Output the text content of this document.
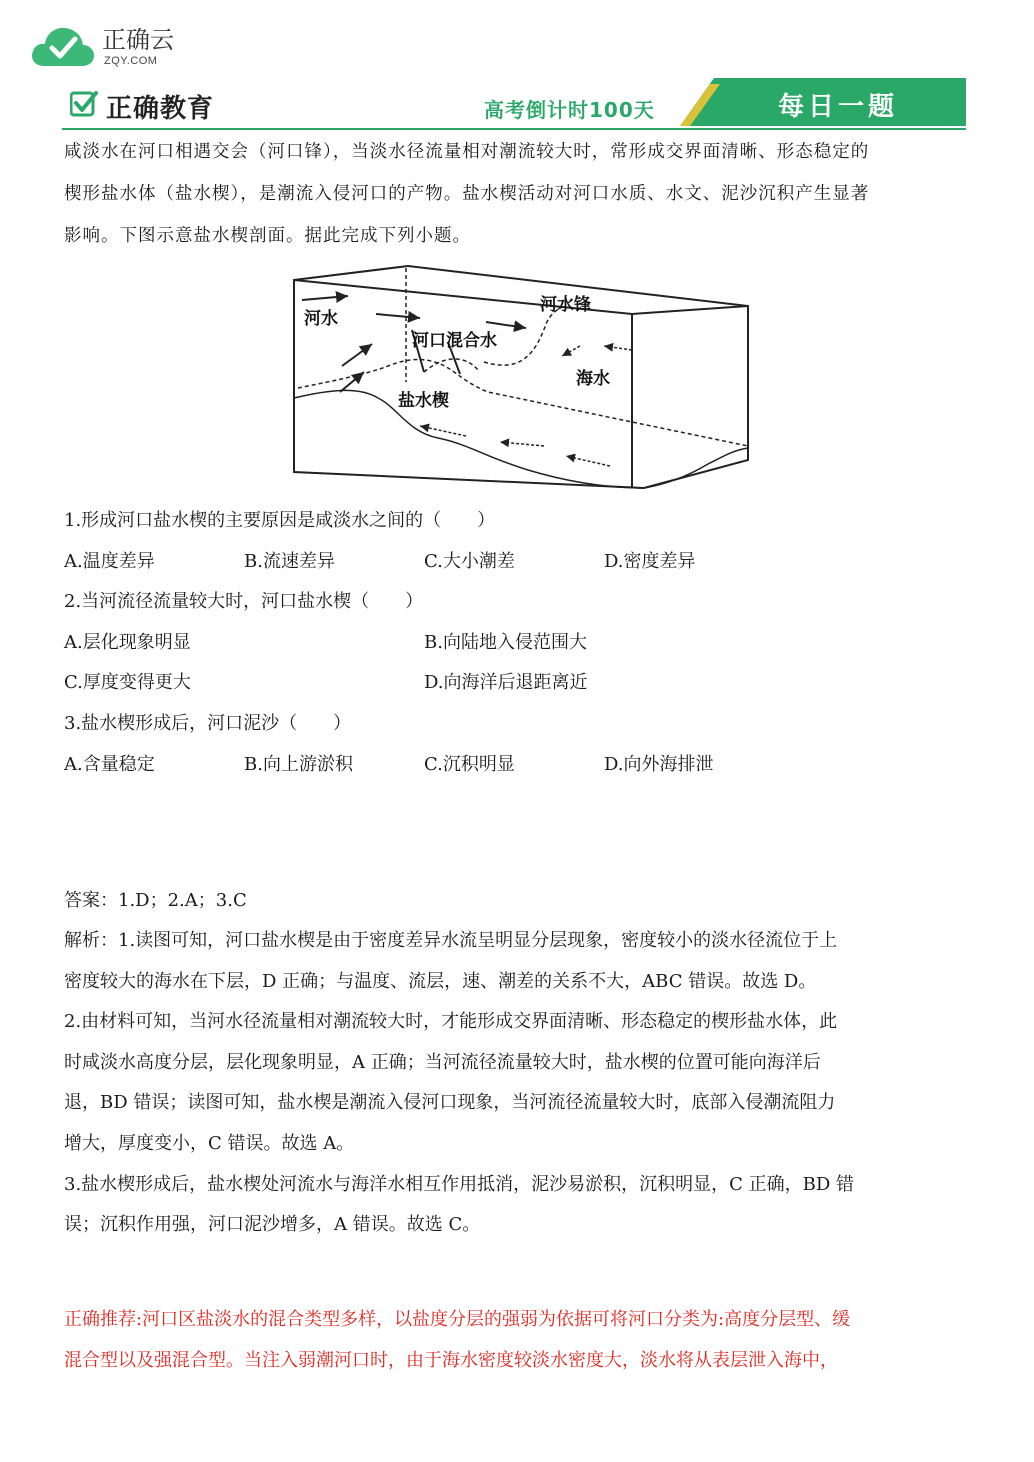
正确云
ZQY.COM
正确教育	高考倒计时100天	每日一题
咸淡水在河口相遇交会（河口锋），当淡水径流量相对潮流较大时，常形成交界面清晰、形态稳定的
楔形盐水体（盐水楔），是潮流入侵河口的产物。盐水楔活动对河口水质、水文、泥沙沉积产生显著
影响。下图示意盐水楔剖面。据此完成下列小题。
河水
河水锋
河口混合水
海水
盐水楔
1.形成河口盐水楔的主要原因是咸淡水之间的（　　）
A.温度差异	B.流速差异	C.大小潮差	D.密度差异
2.当河流径流量较大时，河口盐水楔（　　）
A.层化现象明显	B.向陆地入侵范围大
C.厚度变得更大	D.向海洋后退距离近
3.盐水楔形成后，河口泥沙（　　）
A.含量稳定	B.向上游淤积	C.沉积明显	D.向外海排泄
答案：1.D；2.A；3.C
解析：1.读图可知，河口盐水楔是由于密度差异水流呈明显分层现象，密度较小的淡水径流位于上
密度较大的海水在下层，D 正确；与温度、流层，速、潮差的关系不大，ABC 错误。故选 D。
2.由材料可知，当河水径流量相对潮流较大时，才能形成交界面清晰、形态稳定的楔形盐水体，此
时咸淡水高度分层，层化现象明显，A 正确；当河流径流量较大时，盐水楔的位置可能向海洋后
退，BD 错误；读图可知，盐水楔是潮流入侵河口现象，当河流径流量较大时，底部入侵潮流阻力
增大，厚度变小，C 错误。故选 A。
3.盐水楔形成后，盐水楔处河流水与海洋水相互作用抵消，泥沙易淤积，沉积明显，C 正确，BD 错
误；沉积作用强，河口泥沙增多，A 错误。故选 C。
正确推荐:河口区盐淡水的混合类型多样，以盐度分层的强弱为依据可将河口分类为:高度分层型、缓
混合型以及强混合型。当注入弱潮河口时，由于海水密度较淡水密度大，淡水将从表层泄入海中，
